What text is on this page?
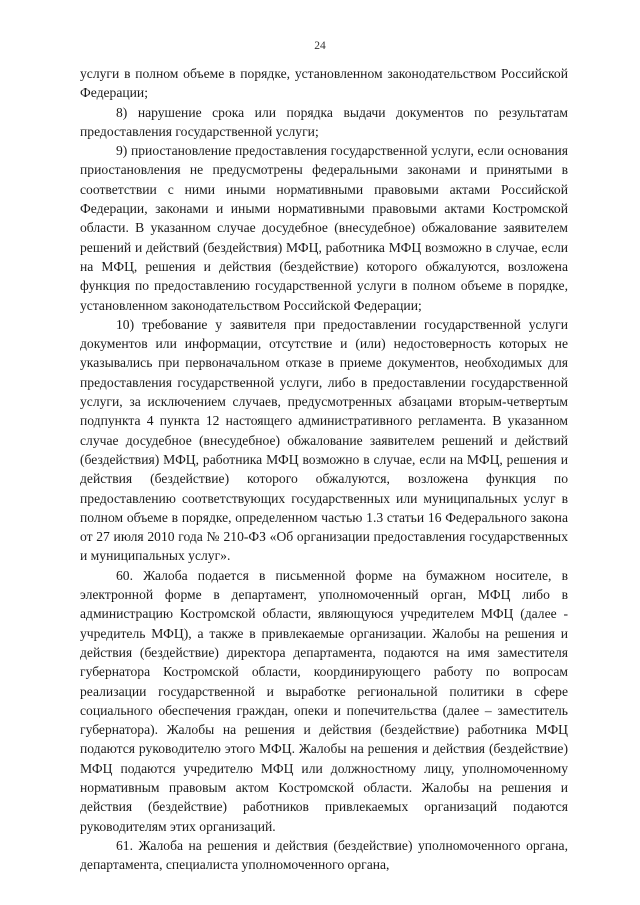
24

услуги в полном объеме в порядке, установленном законодательством Российской Федерации;

8) нарушение срока или порядка выдачи документов по результатам предоставления государственной услуги;

9) приостановление предоставления государственной услуги, если основания приостановления не предусмотрены федеральными законами и принятыми в соответствии с ними иными нормативными правовыми актами Российской Федерации, законами и иными нормативными правовыми актами Костромской области. В указанном случае досудебное (внесудебное) обжалование заявителем решений и действий (бездействия) МФЦ, работника МФЦ возможно в случае, если на МФЦ, решения и действия (бездействие) которого обжалуются, возложена функция по предоставлению государственной услуги в полном объеме в порядке, установленном законодательством Российской Федерации;

10) требование у заявителя при предоставлении государственной услуги документов или информации, отсутствие и (или) недостоверность которых не указывались при первоначальном отказе в приеме документов, необходимых для предоставления государственной услуги, либо в предоставлении государственной услуги, за исключением случаев, предусмотренных абзацами вторым-четвертым подпункта 4 пункта 12 настоящего административного регламента. В указанном случае досудебное (внесудебное) обжалование заявителем решений и действий (бездействия) МФЦ, работника МФЦ возможно в случае, если на МФЦ, решения и действия (бездействие) которого обжалуются, возложена функция по предоставлению соответствующих государственных или муниципальных услуг в полном объеме в порядке, определенном частью 1.3 статьи 16 Федерального закона от 27 июля 2010 года № 210-ФЗ «Об организации предоставления государственных и муниципальных услуг».

60. Жалоба подается в письменной форме на бумажном носителе, в электронной форме в департамент, уполномоченный орган, МФЦ либо в администрацию Костромской области, являющуюся учредителем МФЦ (далее - учредитель МФЦ), а также в привлекаемые организации. Жалобы на решения и действия (бездействие) директора департамента, подаются на имя заместителя губернатора Костромской области, координирующего работу по вопросам реализации государственной и выработке региональной политики в сфере социального обеспечения граждан, опеки и попечительства (далее – заместитель губернатора). Жалобы на решения и действия (бездействие) работника МФЦ подаются руководителю этого МФЦ. Жалобы на решения и действия (бездействие) МФЦ подаются учредителю МФЦ или должностному лицу, уполномоченному нормативным правовым актом Костромской области. Жалобы на решения и действия (бездействие) работников привлекаемых организаций подаются руководителям этих организаций.

61. Жалоба на решения и действия (бездействие) уполномоченного органа, департамента, специалиста уполномоченного органа,
